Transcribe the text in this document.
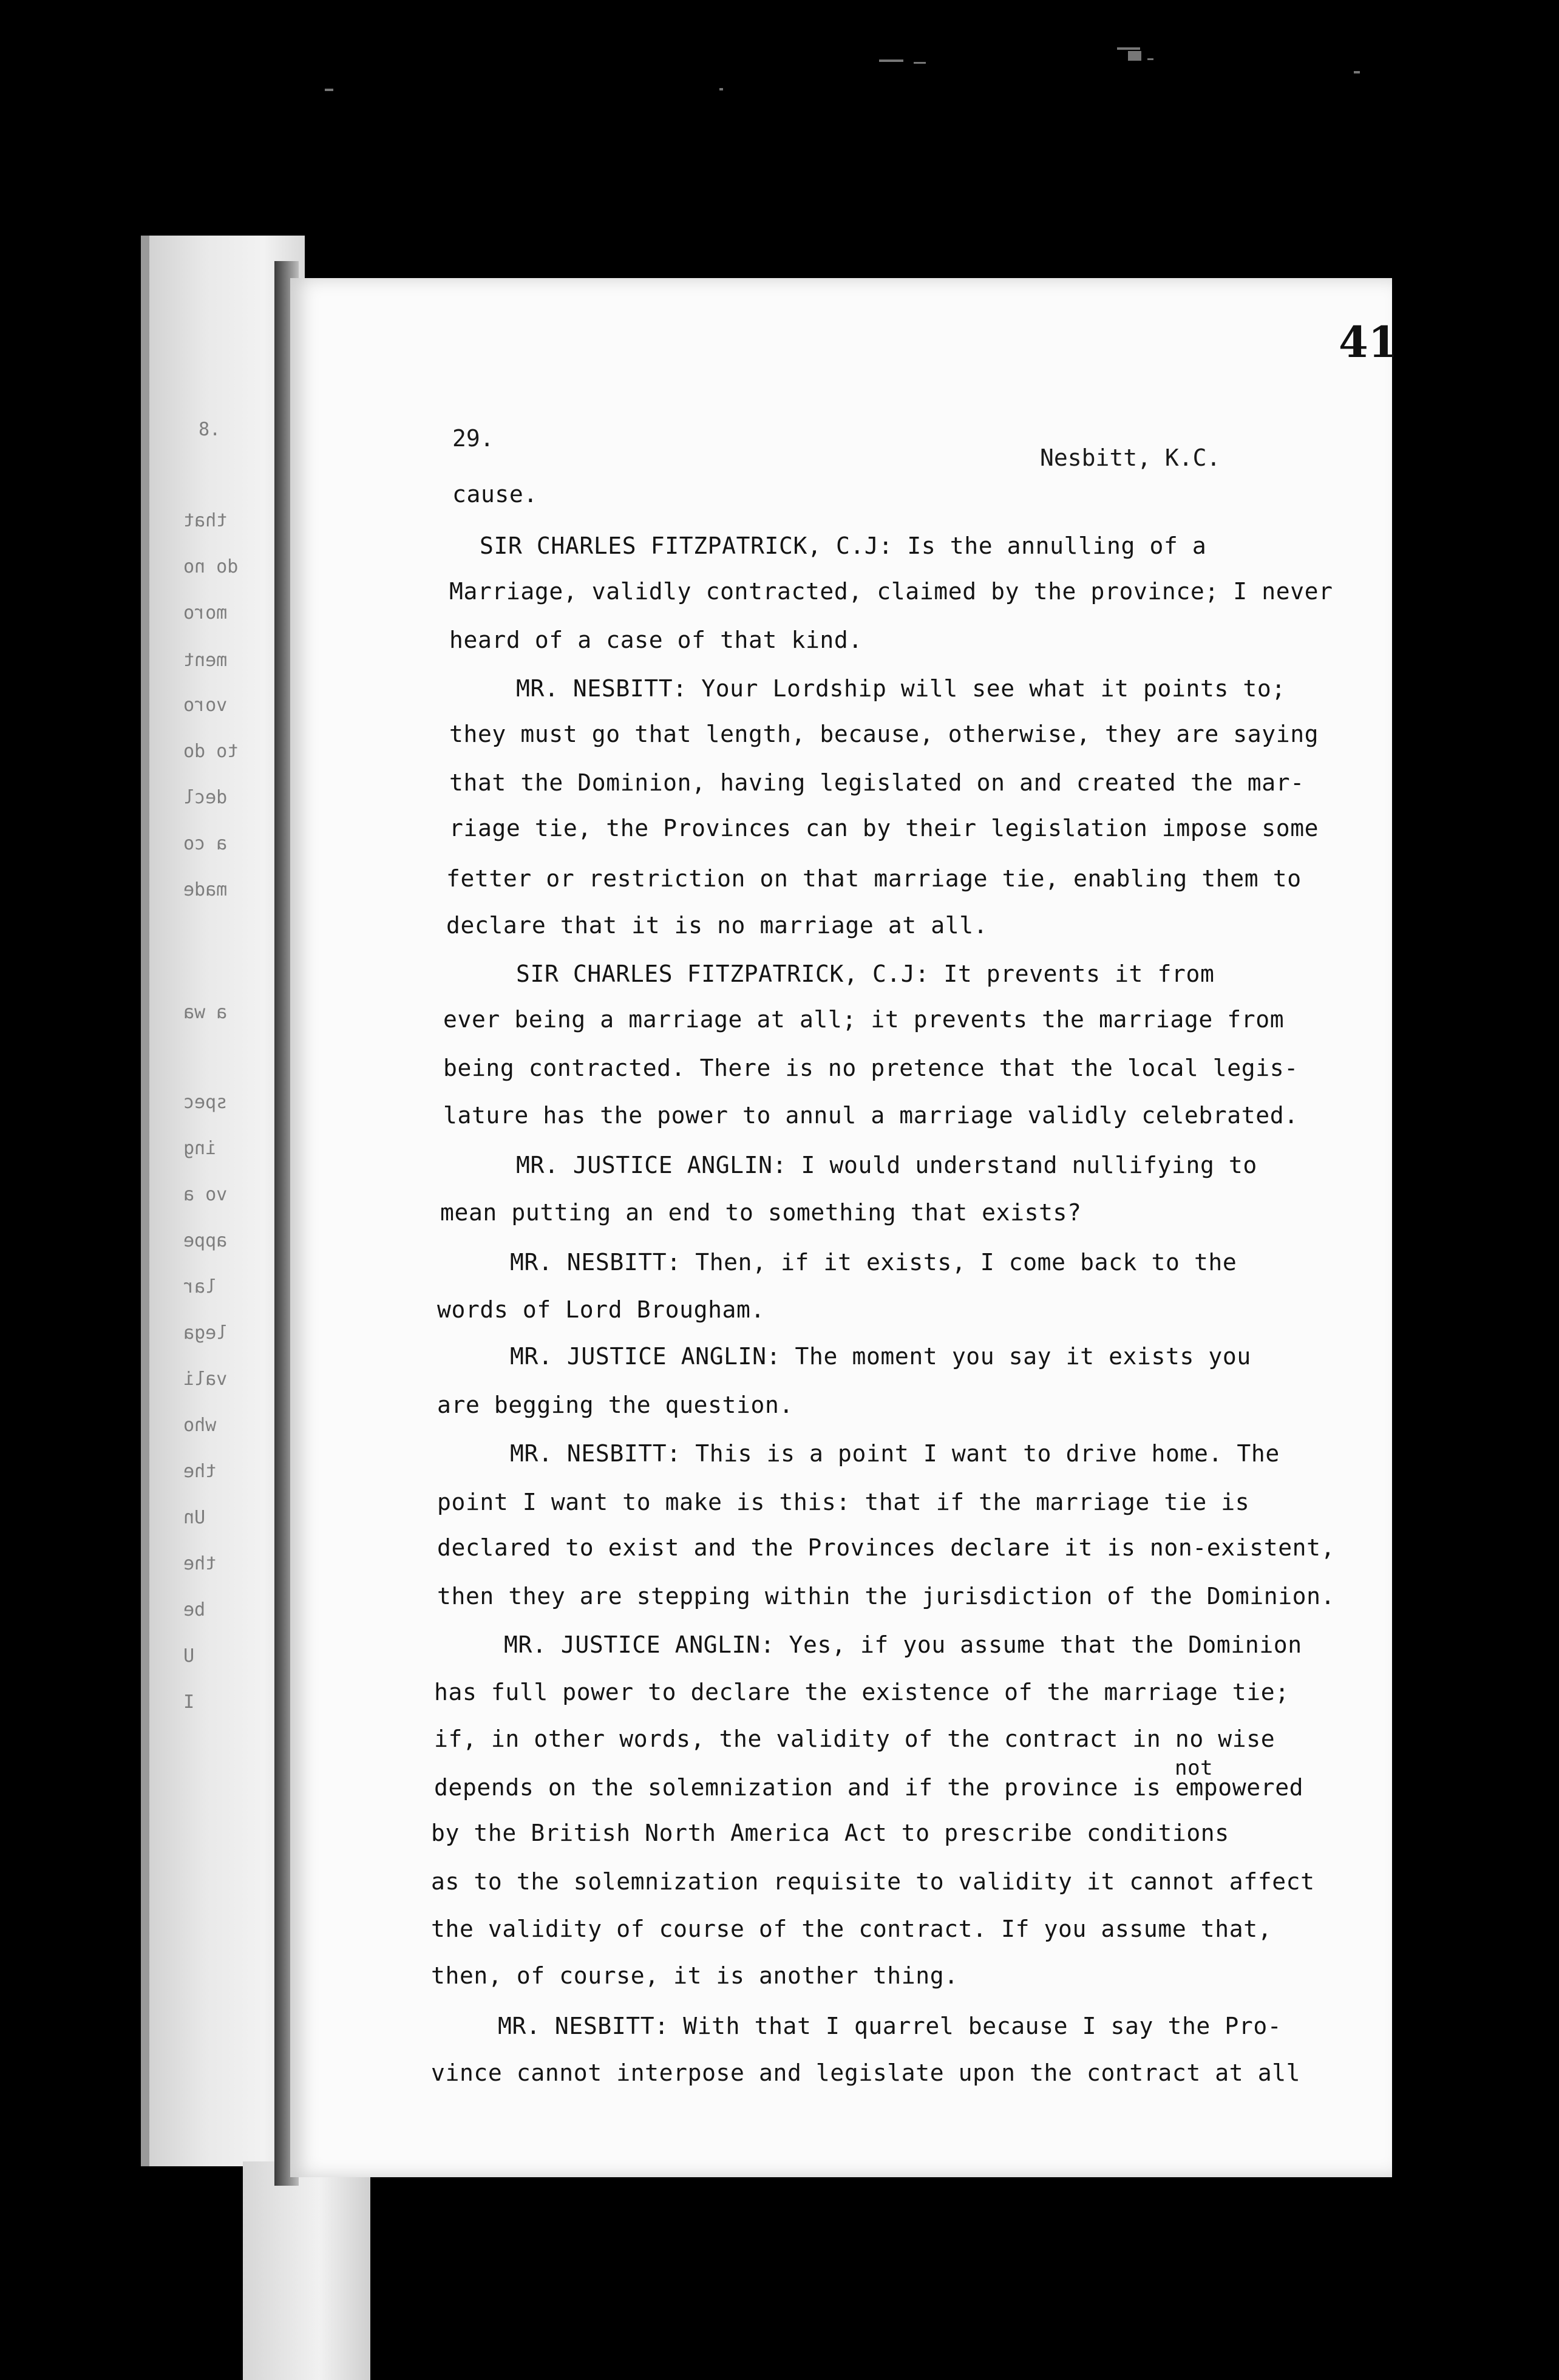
.8
that
do no
moro
ment
voro
to do
decl
a co
made
a wa
spec
ing
vo a
appe
lar
lega
vali
who
the
Un
the
be
U
I
41
29.
Nesbitt, K.C.
cause.
SIR CHARLES FITZPATRICK, C.J: Is the annulling of a
Marriage, validly contracted, claimed by the province; I never
heard of a case of that kind.
MR. NESBITT: Your Lordship will see what it points to;
they must go that length, because, otherwise, they are saying
that the Dominion, having legislated on and created the mar-
riage tie, the Provinces can by their legislation impose some
fetter or restriction on that marriage tie, enabling them to
declare that it is no marriage at all.
SIR CHARLES FITZPATRICK, C.J: It prevents it from
ever being a marriage at all; it prevents the marriage from
being contracted. There is no pretence that the local legis-
lature has the power to annul a marriage validly celebrated.
MR. JUSTICE ANGLIN: I would understand nullifying to
mean putting an end to something that exists?
MR. NESBITT: Then, if it exists, I come back to the
words of Lord Brougham.
MR. JUSTICE ANGLIN: The moment you say it exists you
are begging the question.
MR. NESBITT: This is a point I want to drive home. The
point I want to make is this: that if the marriage tie is
declared to exist and the Provinces declare it is non-existent,
then they are stepping within the jurisdiction of the Dominion.
MR. JUSTICE ANGLIN: Yes, if you assume that the Dominion
has full power to declare the existence of the marriage tie;
if, in other words, the validity of the contract in no wise
not
depends on the solemnization and if the province is empowered
by the British North America Act to prescribe conditions
as to the solemnization requisite to validity it cannot affect
the validity of course of the contract. If you assume that,
then, of course, it is another thing.
MR. NESBITT: With that I quarrel because I say the Pro-
vince cannot interpose and legislate upon the contract at all
